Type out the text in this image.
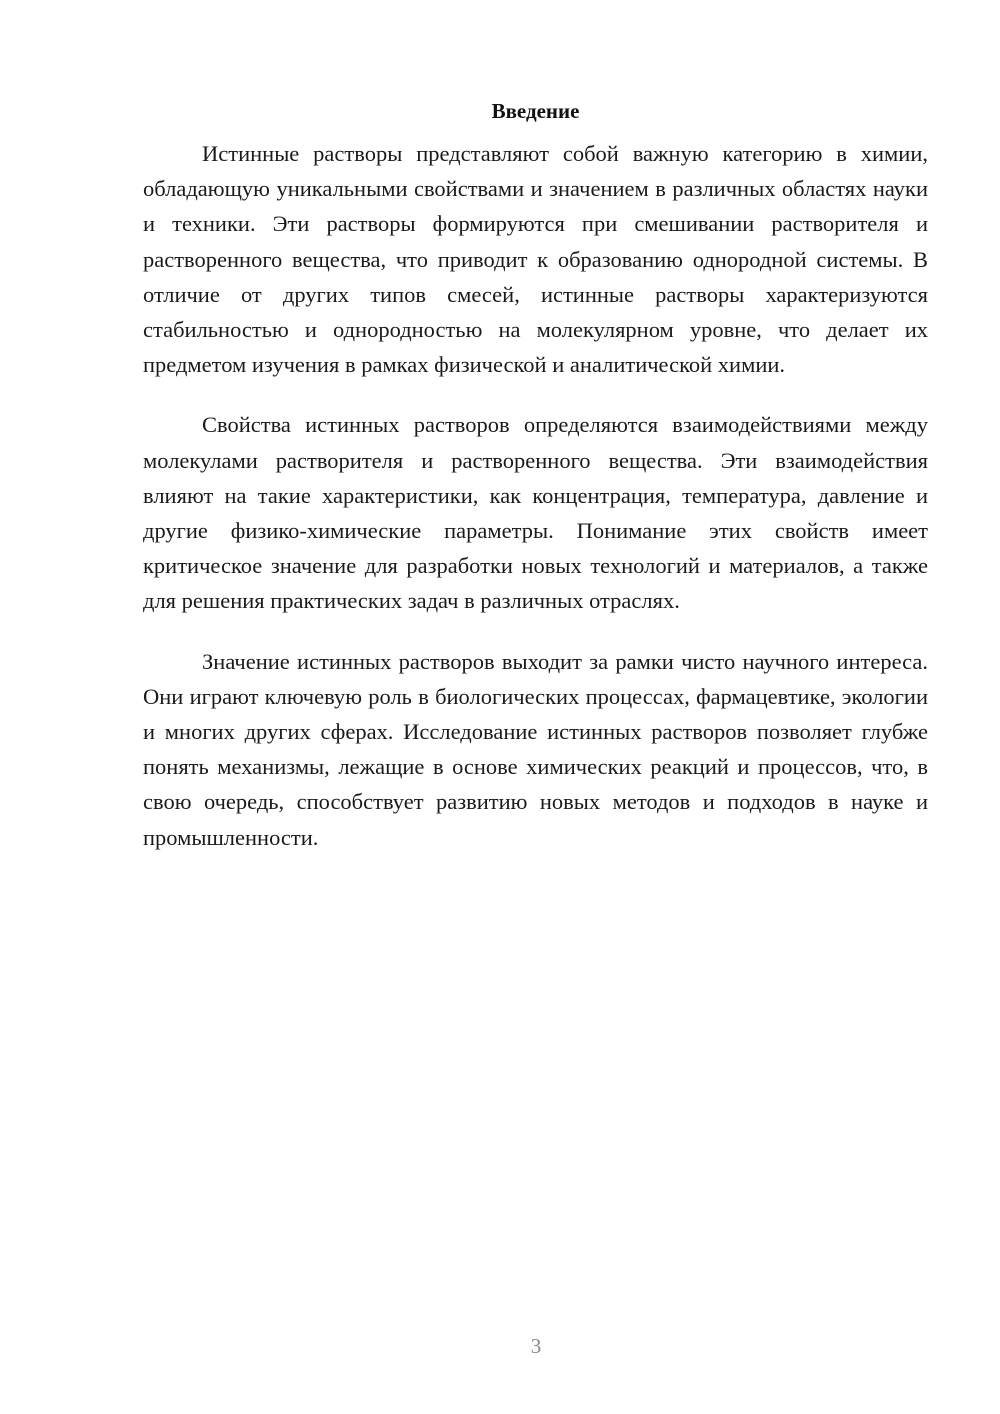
Введение

Истинные растворы представляют собой важную категорию в химии, обладающую уникальными свойствами и значением в различных областях науки и техники. Эти растворы формируются при смешивании растворителя и растворенного вещества, что приводит к образованию однородной системы. В отличие от других типов смесей, истинные растворы характеризуются стабильностью и однородностью на молекулярном уровне, что делает их предметом изучения в рамках физической и аналитической химии.

Свойства истинных растворов определяются взаимодействиями между молекулами растворителя и растворенного вещества. Эти взаимодействия влияют на такие характеристики, как концентрация, температура, давление и другие физико-химические параметры. Понимание этих свойств имеет критическое значение для разработки новых технологий и материалов, а также для решения практических задач в различных отраслях.

Значение истинных растворов выходит за рамки чисто научного интереса. Они играют ключевую роль в биологических процессах, фармацевтике, экологии и многих других сферах. Исследование истинных растворов позволяет глубже понять механизмы, лежащие в основе химических реакций и процессов, что, в свою очередь, способствует развитию новых методов и подходов в науке и промышленности.

3
